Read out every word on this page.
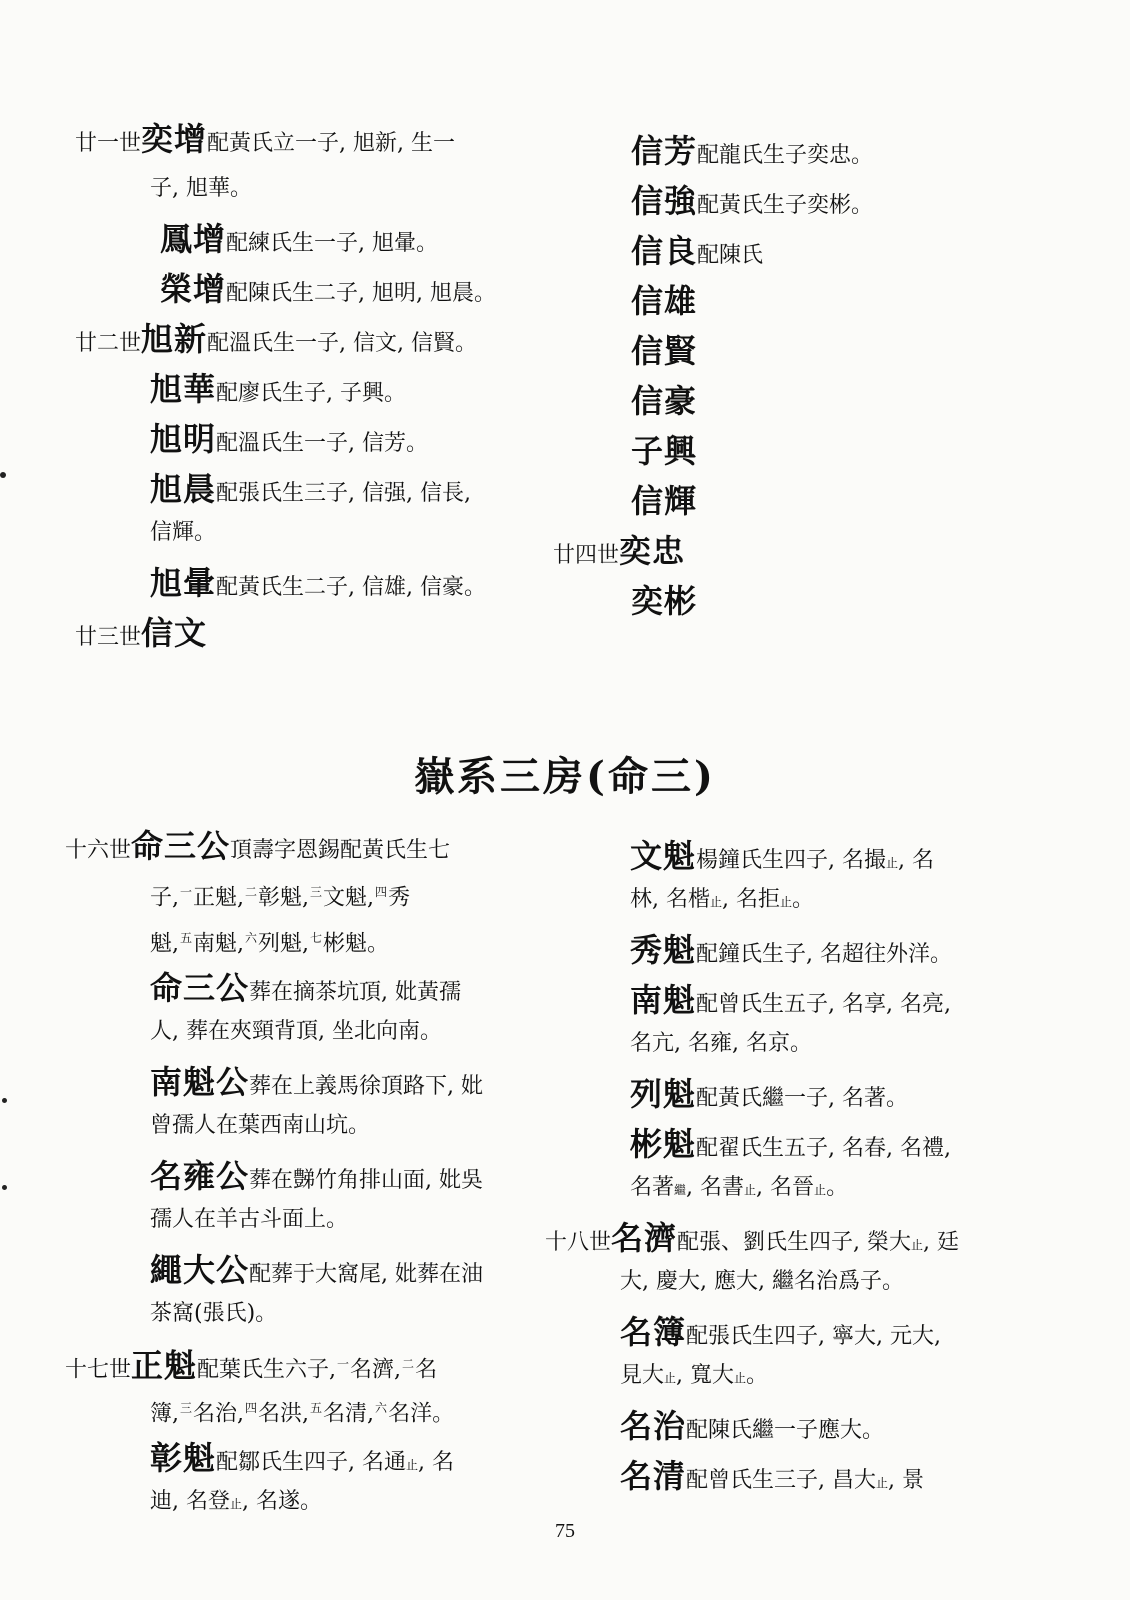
廿一世奕增配黃氏立一子, 旭新, 生一
子, 旭華。
鳳增配練氏生一子, 旭暈。
榮增配陳氏生二子, 旭明, 旭晨。
廿二世旭新配溫氏生一子, 信文, 信賢。
旭華配廖氏生子, 子興。
旭明配溫氏生一子, 信芳。
旭晨配張氏生三子, 信强, 信長,
信輝。
旭暈配黃氏生二子, 信雄, 信豪。
廿三世信文
信芳配龍氏生子奕忠。
信強配黃氏生子奕彬。
信良配陳氏
信雄
信賢
信豪
子興
信輝
廿四世奕忠
奕彬
嶽系三房(命三)
十六世命三公頂壽字恩錫配黃氏生七
子,$^一$正魁,$^二$彰魁,$^三$文魁,$^四$秀
魁,$^五$南魁,$^六$列魁,$^七$彬魁。
命三公葬在摘茶坑頂, 妣黃孺
人, 葬在夾頸背頂, 坐北向南。
南魁公葬在上義馬徐頂路下, 妣
曾孺人在葉西南山坑。
名雍公葬在豑竹角排山面, 妣吳
孺人在羊古斗面上。
繩大公配葬于大窩尾, 妣葬在油
茶窩(張氏)。
十七世正魁配葉氏生六子,$^一$名濟,$^二$名
簿,$^三$名治,$^四$名洪,$^五$名清,$^六$名洋。
彰魁配鄒氏生四子, 名通止, 名
迪, 名登止, 名遂。
文魁楊鐘氏生四子, 名撮止, 名
林, 名楷止, 名拒止。
秀魁配鐘氏生子, 名超往外洋。
南魁配曾氏生五子, 名享, 名亮,
名亢, 名雍, 名京。
列魁配黃氏繼一子, 名著。
彬魁配翟氏生五子, 名春, 名禮,
名著繼, 名書止, 名晉止。
十八世名濟配張、劉氏生四子, 榮大止, 廷
大, 慶大, 應大, 繼名治爲子。
名簿配張氏生四子, 寧大, 元大,
見大止, 寬大止。
名治配陳氏繼一子應大。
名清配曾氏生三子, 昌大止, 景
75
